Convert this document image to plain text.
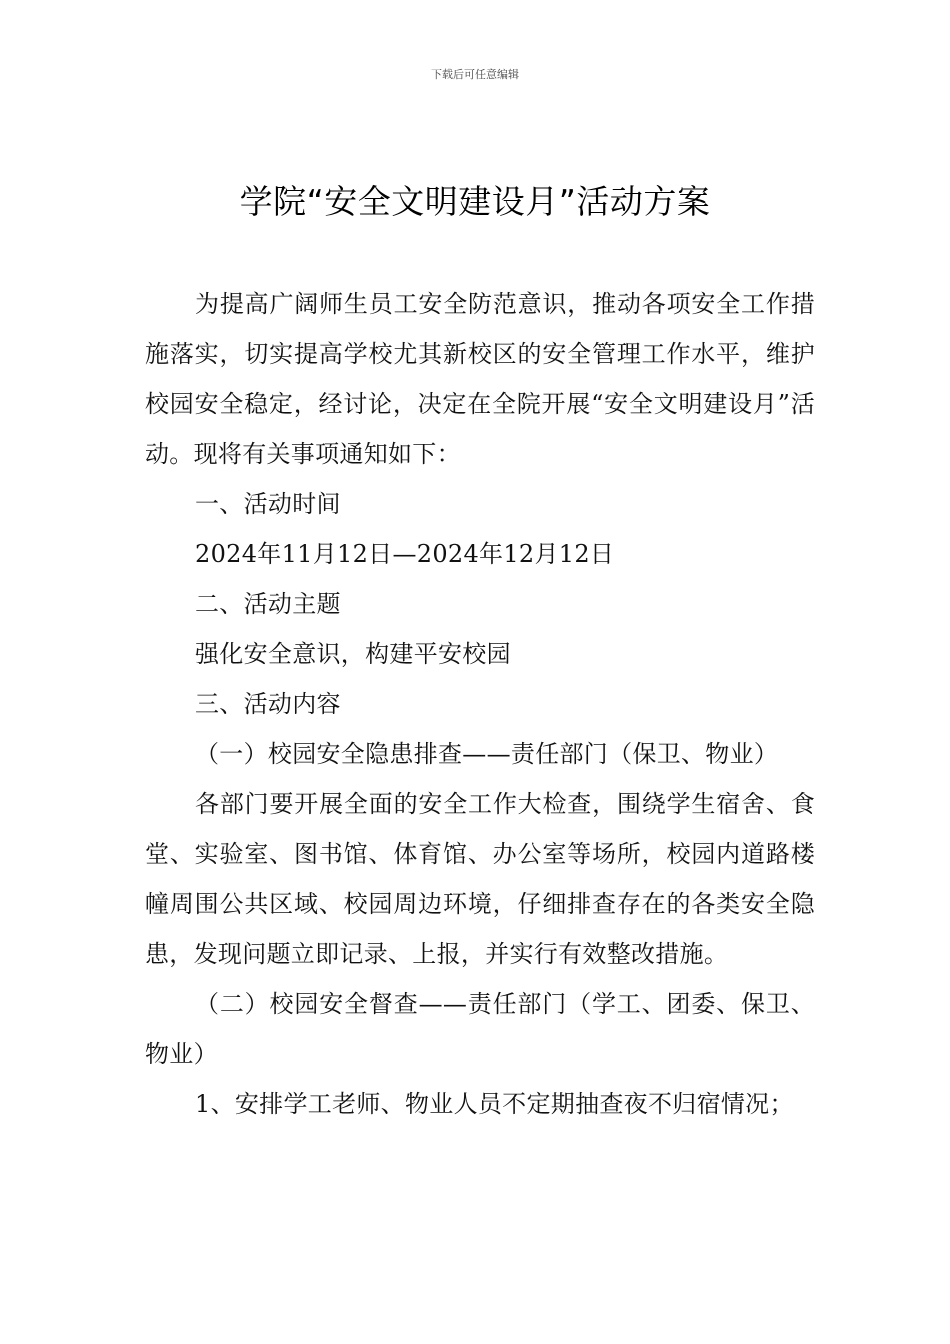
下载后可任意编辑
学院“安全文明建设月”活动方案

为提高广阔师生员工安全防范意识，推动各项安全工作措施落实，切实提高学校尤其新校区的安全管理工作水平，维护校园安全稳定，经讨论，决定在全院开展“安全文明建设月”活动。现将有关事项通知如下：

一、活动时间

2024年11月12日—2024年12月12日

二、活动主题

强化安全意识，构建平安校园

三、活动内容

（一）校园安全隐患排查——责任部门（保卫、物业）

各部门要开展全面的安全工作大检查，围绕学生宿舍、食堂、实验室、图书馆、体育馆、办公室等场所，校园内道路楼幢周围公共区域、校园周边环境，仔细排查存在的各类安全隐患，发现问题立即记录、上报，并实行有效整改措施。

（二）校园安全督查——责任部门（学工、团委、保卫、物业）

1、安排学工老师、物业人员不定期抽查夜不归宿情况；
